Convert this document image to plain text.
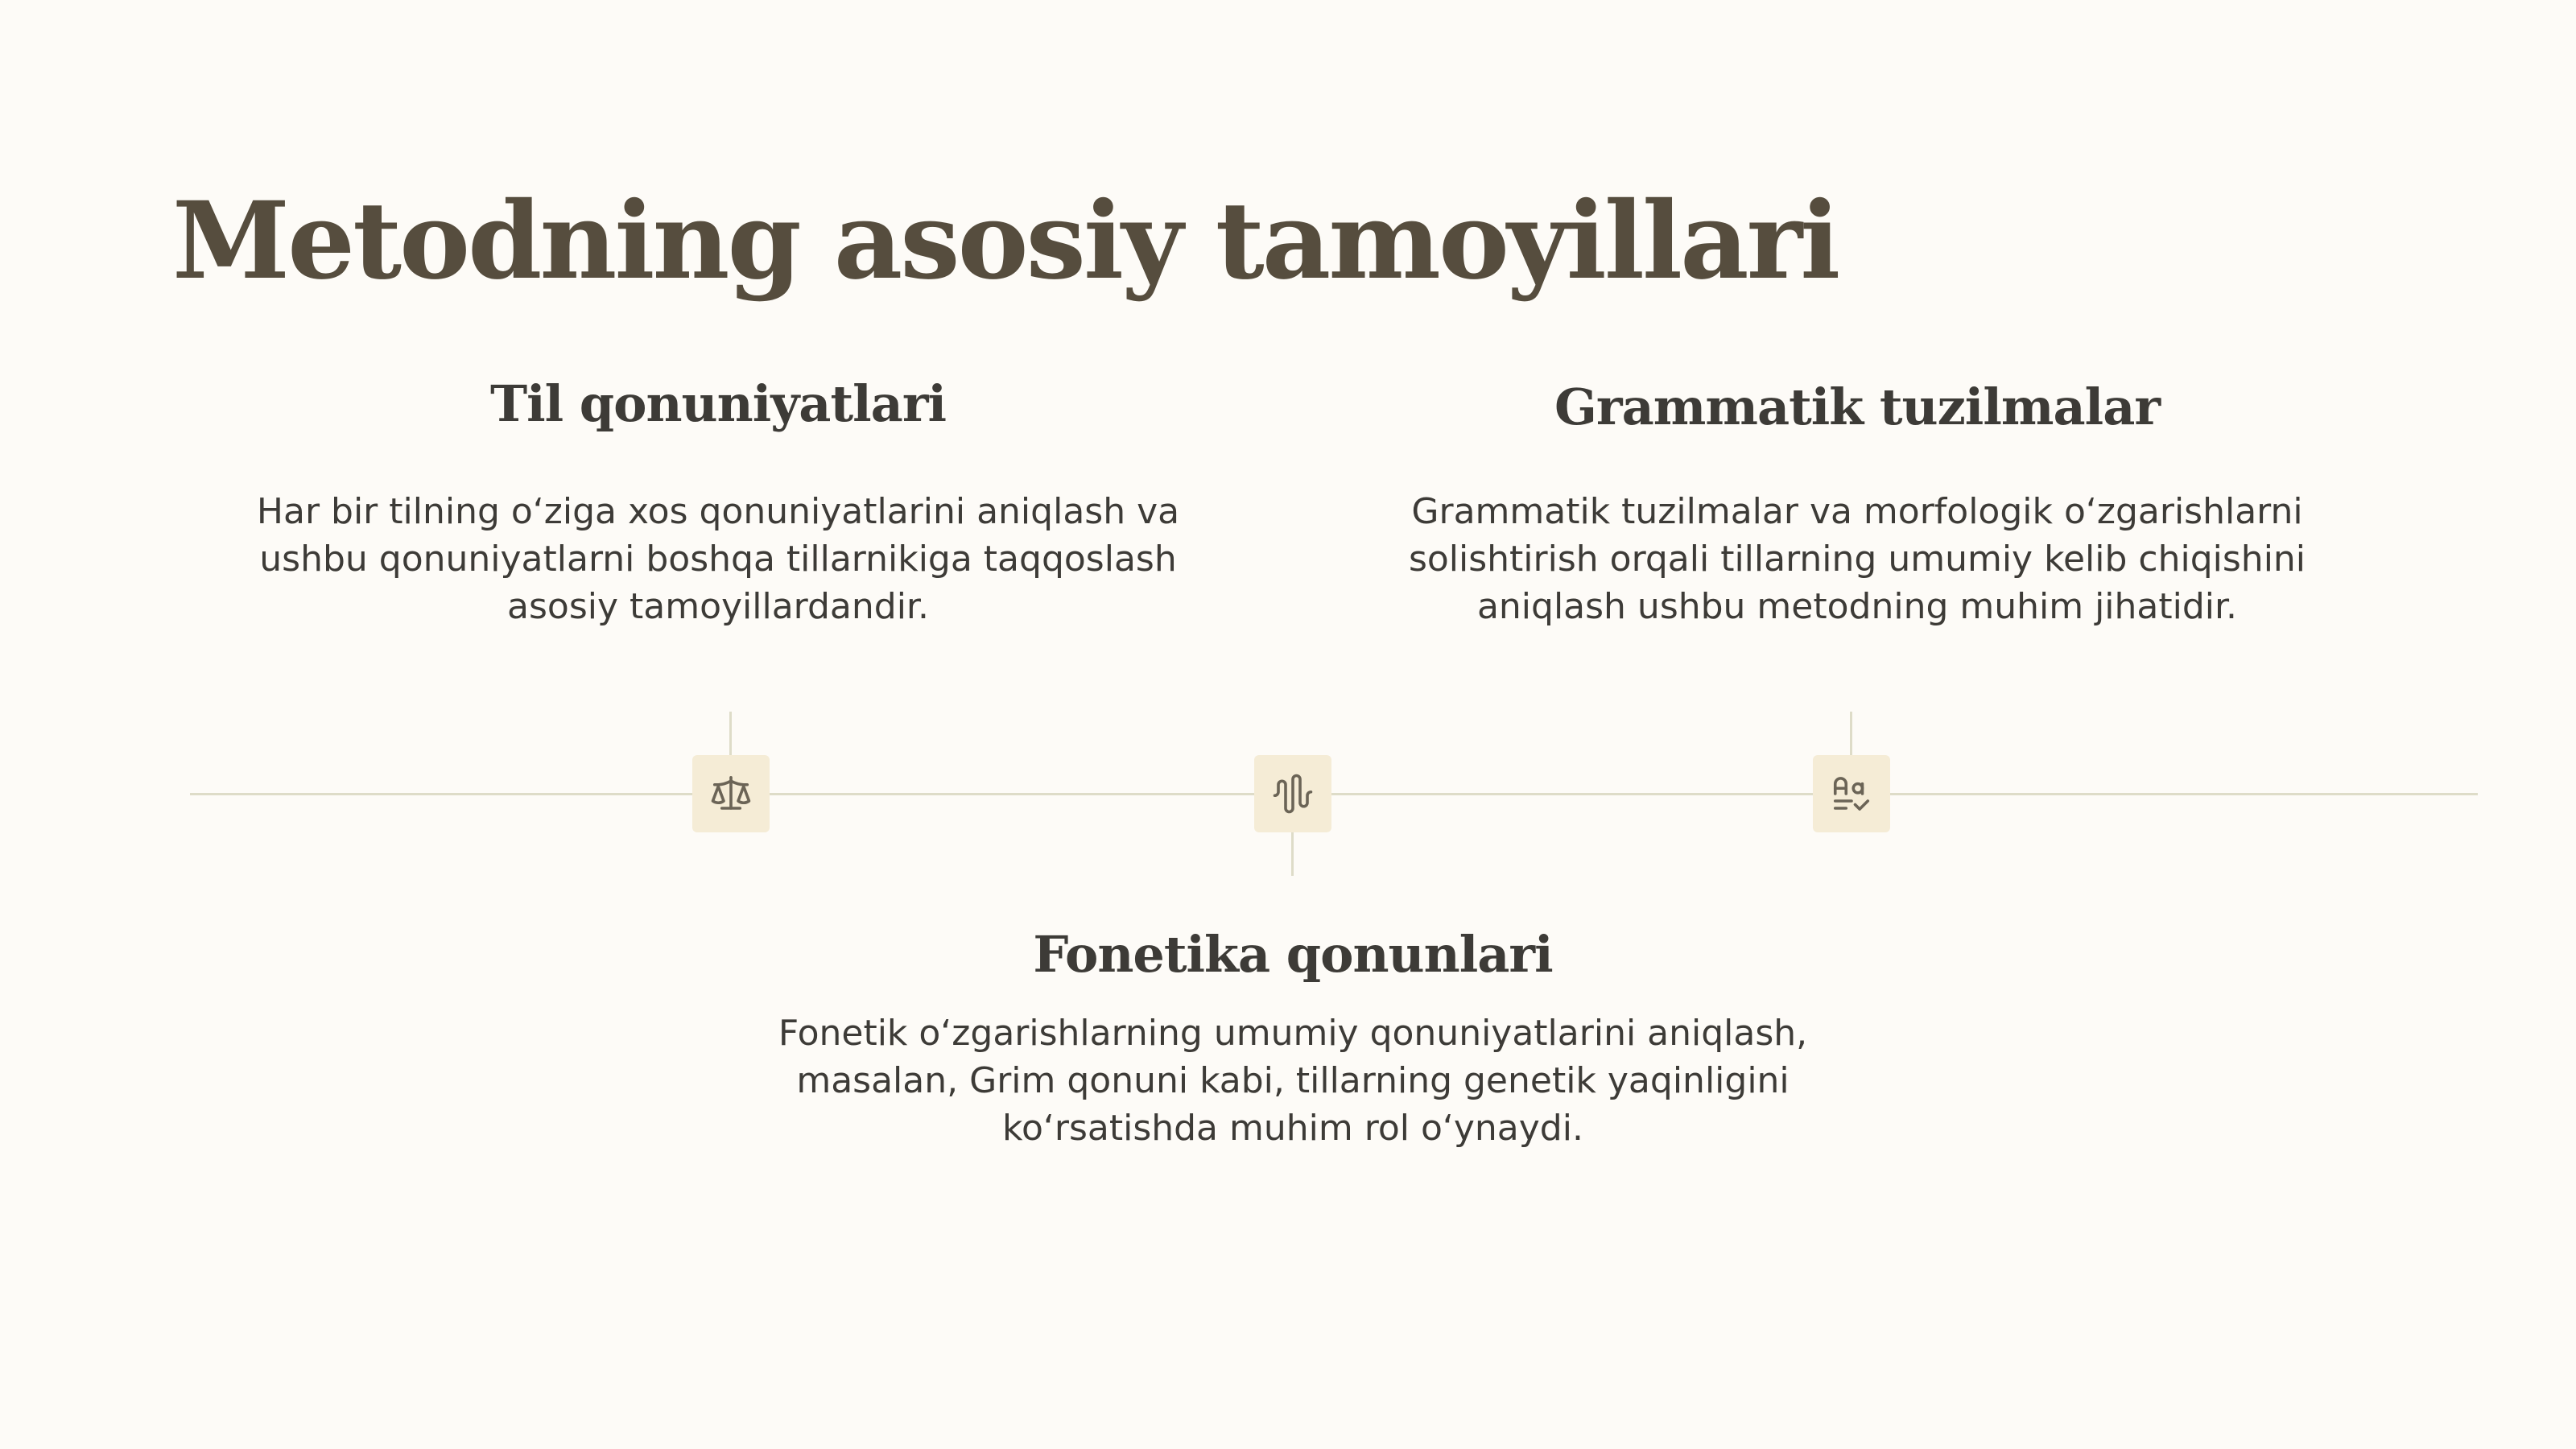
Metodning asosiy tamoyillari
Til qonuniyatlari

Har bir tilning o‘ziga xos qonuniyatlarini aniqlash va ushbu qonuniyatlarni boshqa tillarnikiga taqqoslash asosiy tamoyillardandir.

Fonetika qonunlari

Fonetik o‘zgarishlarning umumiy qonuniyatlarini aniqlash, masalan, Grim qonuni kabi, tillarning genetik yaqinligini ko‘rsatishda muhim rol o‘ynaydi.

Grammatik tuzilmalar

Grammatik tuzilmalar va morfologik o‘zgarishlarni solishtirish orqali tillarning umumiy kelib chiqishini aniqlash ushbu metodning muhim jihatidir.
